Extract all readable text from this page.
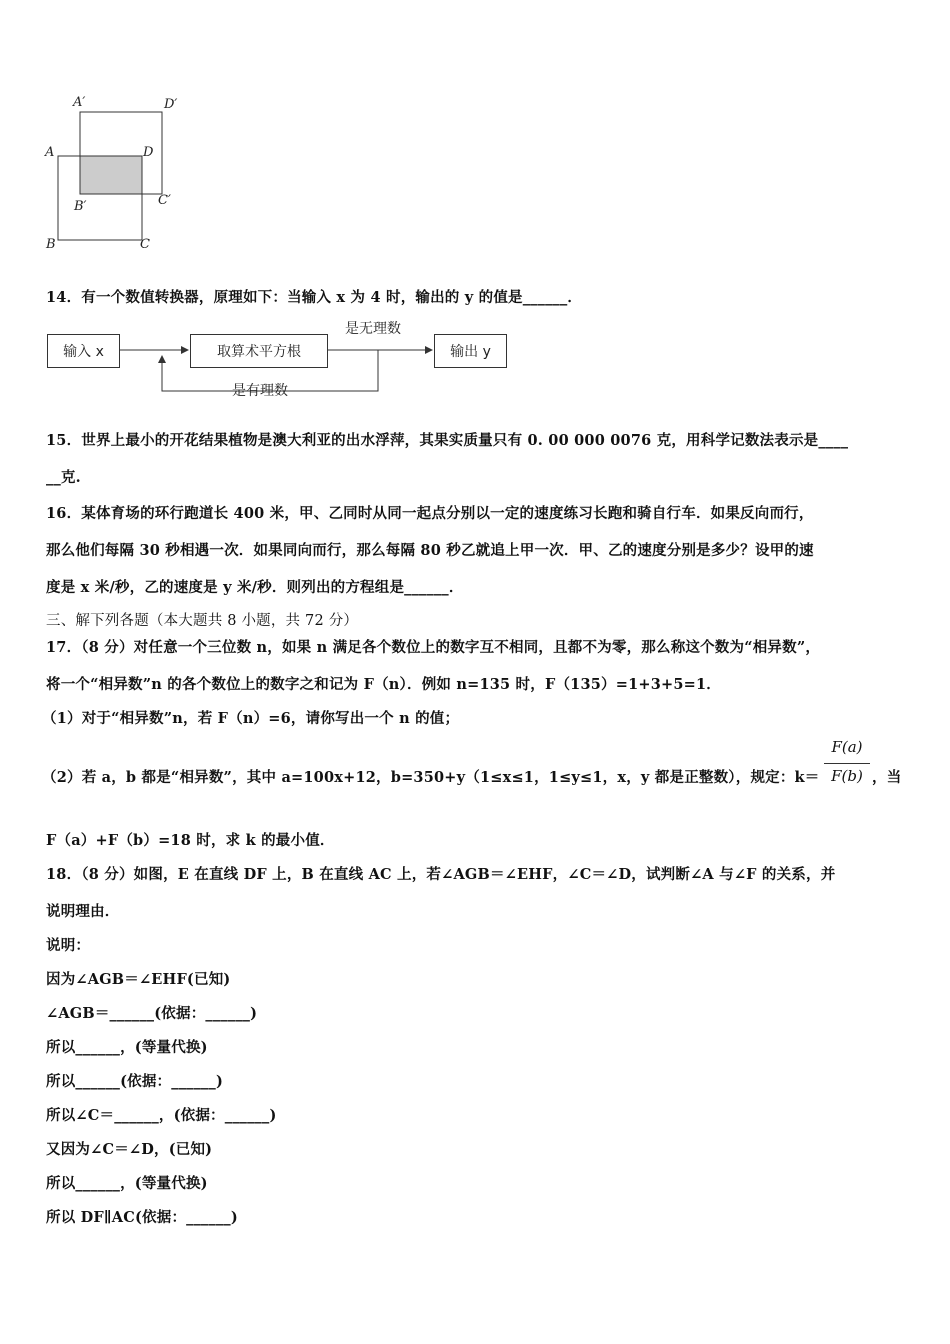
A′	D′
A	D
B′	C′
B	C
14．有一个数值转换器，原理如下：当输入 x 为 4 时，输出的 y 的值是______．
输入 x	取算术平方根	输出 y
是无理数
是有理数
15．世界上最小的开花结果植物是澳大利亚的出水浮萍，其果实质量只有 0. 00 000 0076 克，用科学记数法表示是____
__克.
16．某体育场的环行跑道长 400 米，甲、乙同时从同一起点分别以一定的速度练习长跑和骑自行车．如果反向而行，
那么他们每隔 30 秒相遇一次．如果同向而行，那么每隔 80 秒乙就追上甲一次．甲、乙的速度分别是多少？设甲的速
度是 x 米/秒，乙的速度是 y 米/秒．则列出的方程组是______．
三、解下列各题（本大题共 8 小题，共 72 分）
17．（8 分）对任意一个三位数 n，如果 n 满足各个数位上的数字互不相同，且都不为零，那么称这个数为“相异数”，
将一个“相异数”n 的各个数位上的数字之和记为 F（n）．例如 n=135 时，F（135）=1+3+5=1．
（1）对于“相异数”n，若 F（n）=6，请你写出一个 n 的值；
（2）若 a，b 都是“相异数”，其中 a=100x+12，b=350+y（1≤x≤1，1≤y≤1，x，y 都是正整数），规定：k＝
F(a)
F(b) ，当
F（a）+F（b）=18 时，求 k 的最小值．
18．（8 分）如图，E 在直线 DF 上，B 在直线 AC 上，若∠AGB＝∠EHF，∠C＝∠D，试判断∠A 与∠F 的关系，并
说明理由．
说明：
因为∠AGB＝∠EHF(已知)
∠AGB＝______(依据：______)
所以______，(等量代换)
所以______(依据：______)
所以∠C＝______，(依据：______)
又因为∠C＝∠D，(已知)
所以______，(等量代换)
所以 DF∥AC(依据：______)
